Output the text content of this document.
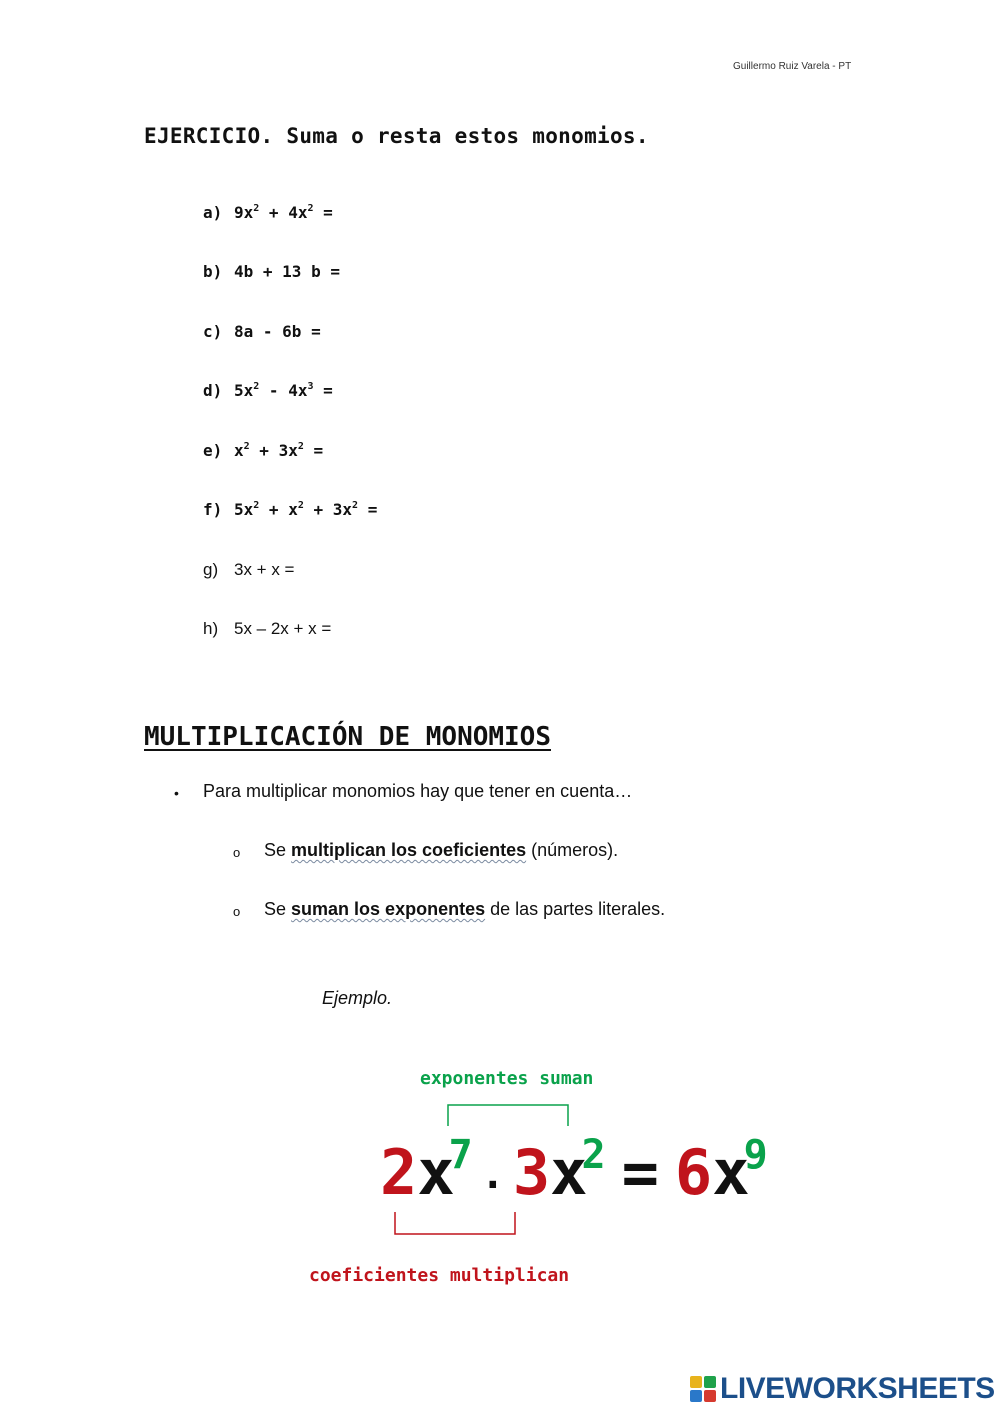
Guillermo Ruiz Varela - PT
EJERCICIO. Suma o resta estos monomios.
a) $9x^2 + 4x^2$ =
b) 4b + 13 b =
c) 8a - 6b =
d) $5x^2 - 4x^3$ =
e) $x^2 + 3x^2$ =
f) $5x^2 + x^2 + 3x^2$ =
g) 3x + x =
h) 5x – 2x + x =
MULTIPLICACIÓN DE MONOMIOS
• Para multiplicar monomios hay que tener en cuenta…
o Se multiplican los coeficientes (números).
o Se suman los exponentes de las partes literales.
Ejemplo.
exponentes suman
$2x^7$ . $3x^2 = 6x^9$
coeficientes multiplican
LIVEWORKSHEETS
